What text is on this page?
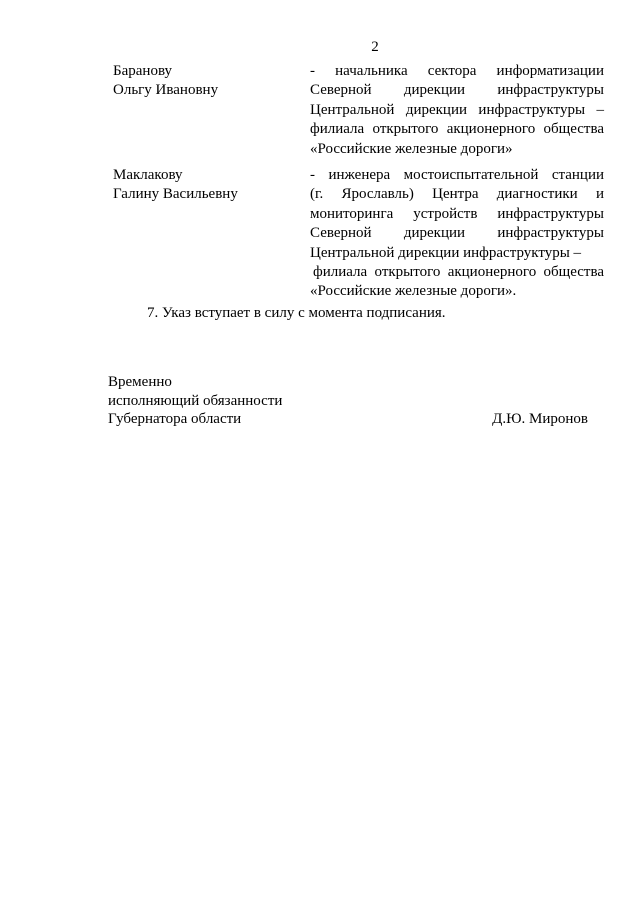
2
Баранову
Ольгу Ивановну
- начальника сектора информатизации
Северной дирекции инфраструктуры
Центральной дирекции инфраструктуры –
филиала открытого акционерного общества
«Российские железные дороги»
Маклакову
Галину Васильевну
- инженера мостоиспытательной станции
(г. Ярославль) Центра диагностики и
мониторинга устройств инфраструктуры
Северной дирекции инфраструктуры
Центральной дирекции инфраструктуры –
филиала открытого акционерного общества
«Российские железные дороги».
7. Указ вступает в силу с момента подписания.
Временно
исполняющий обязанности
Губернатора области	Д.Ю. Миронов
